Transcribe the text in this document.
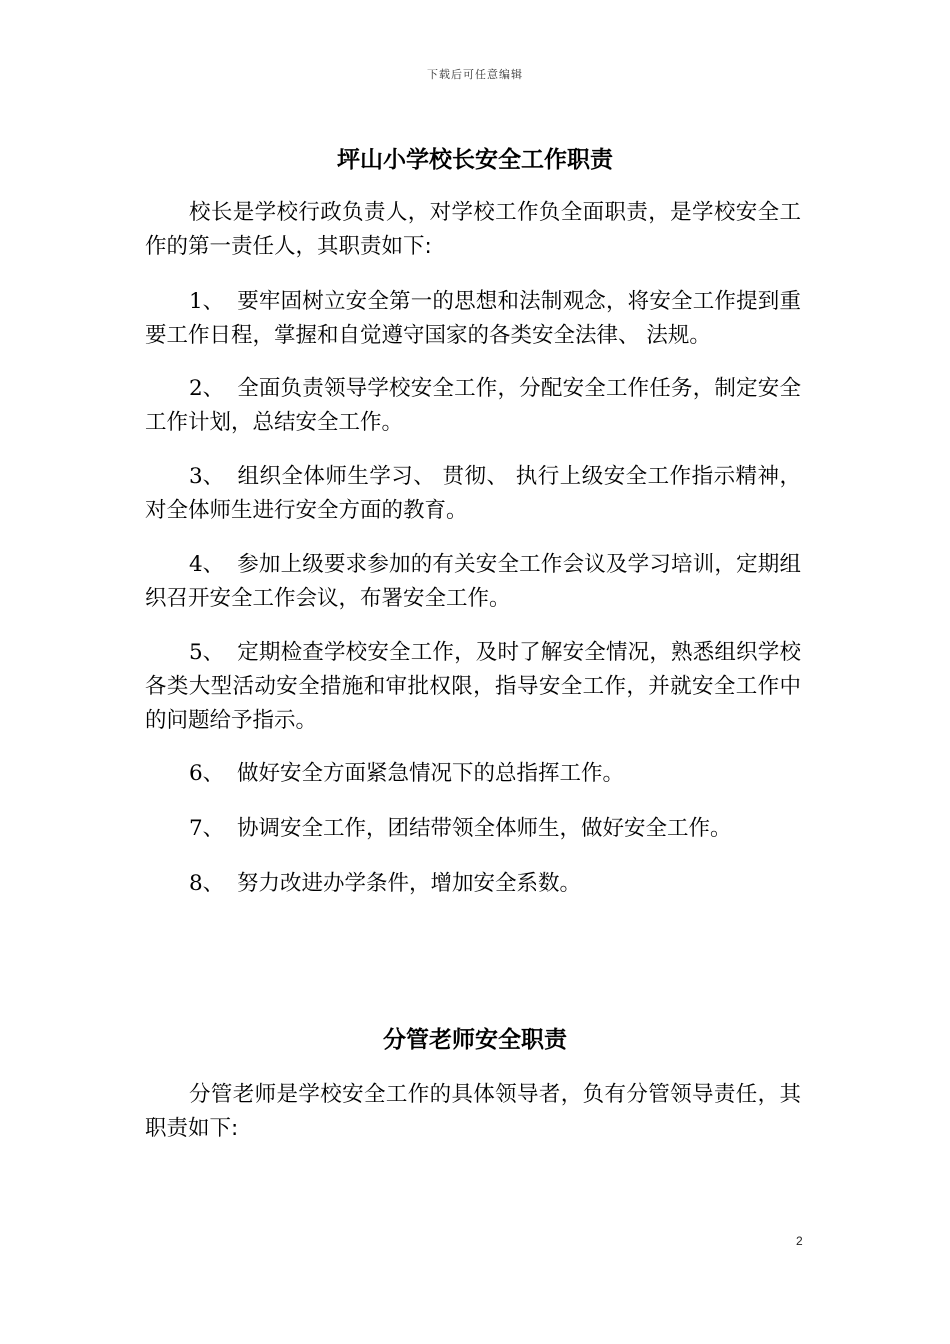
下载后可任意编辑
坪山小学校长安全工作职责

校长是学校行政负责人，对学校工作负全面职责，是学校安全工作的第一责任人，其职责如下:

1、 要牢固树立安全第一的思想和法制观念，将安全工作提到重要工作日程，掌握和自觉遵守国家的各类安全法律、 法规。

2、 全面负责领导学校安全工作，分配安全工作任务，制定安全工作计划，总结安全工作。

3、 组织全体师生学习、 贯彻、 执行上级安全工作指示精神，对全体师生进行安全方面的教育。

4、 参加上级要求参加的有关安全工作会议及学习培训，定期组织召开安全工作会议，布署安全工作。

5、 定期检查学校安全工作，及时了解安全情况，熟悉组织学校各类大型活动安全措施和审批权限，指导安全工作，并就安全工作中的问题给予指示。

6、 做好安全方面紧急情况下的总指挥工作。

7、 协调安全工作，团结带领全体师生，做好安全工作。

8、 努力改进办学条件，增加安全系数。

分管老师安全职责

分管老师是学校安全工作的具体领导者，负有分管领导责任，其职责如下:

2
